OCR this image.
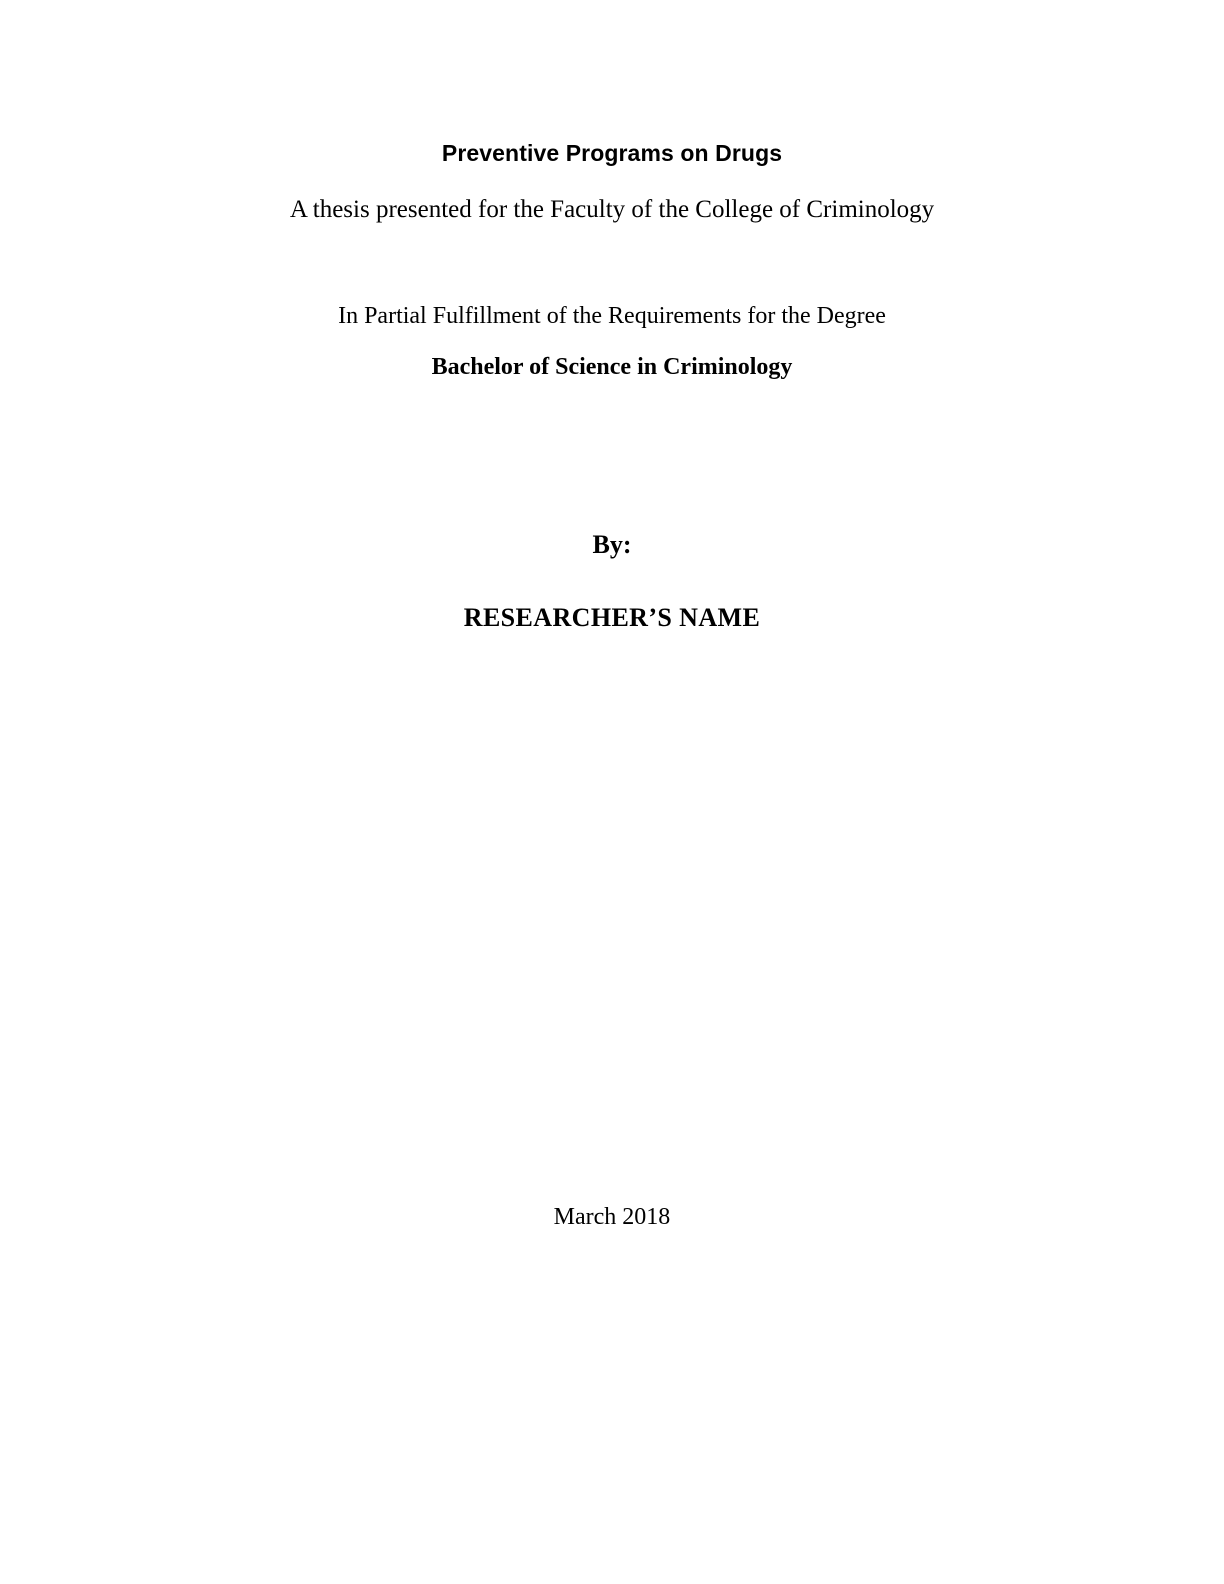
Preventive Programs on Drugs
A thesis presented for the Faculty of the College of Criminology
In Partial Fulfillment of the Requirements for the Degree
Bachelor of Science in Criminology
By:
RESEARCHER’S NAME
March 2018
